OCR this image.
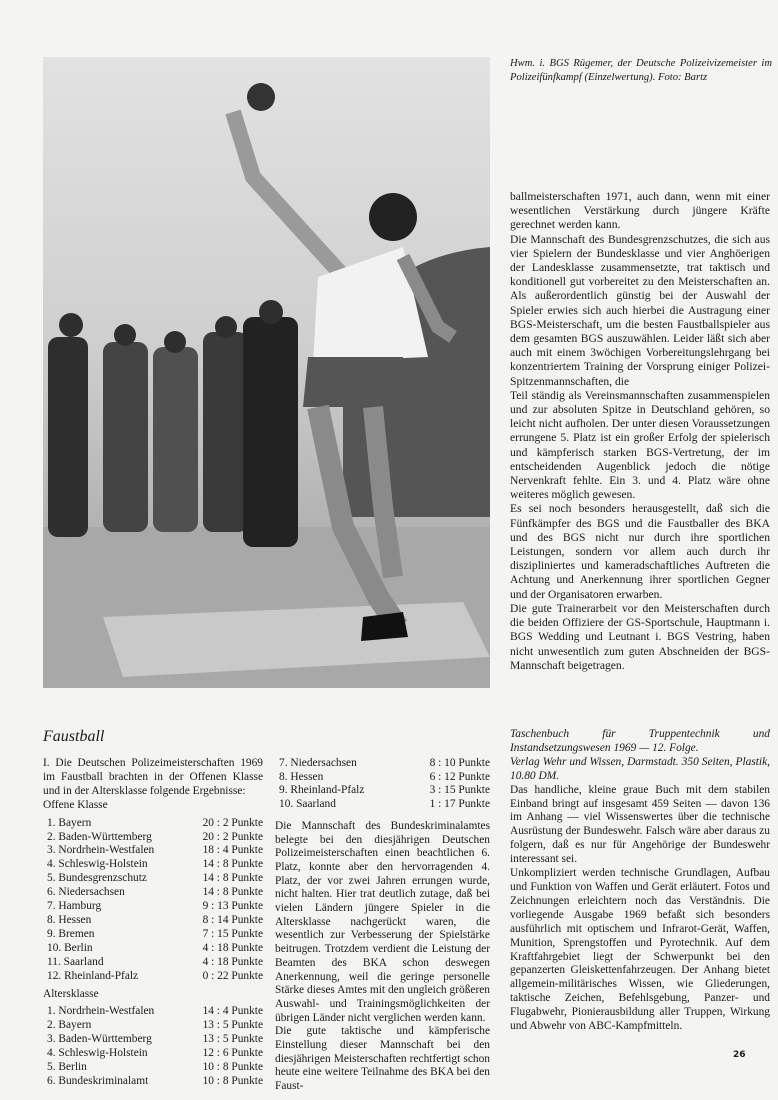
Hwm. i. BGS Rügemer, der Deutsche Polizeivizemeister im Polizeifünfkampf (Einzelwertung). Foto: Bartz

ballmeisterschaften 1971, auch dann, wenn mit einer wesentlichen Verstärkung durch jüngere Kräfte gerechnet werden kann.

Die Mannschaft des Bundesgrenzschutzes, die sich aus vier Spielern der Bundesklasse und vier Anghöerigen der Landesklasse zusammensetzte, trat taktisch und konditionell gut vorbereitet zu den Meisterschaften an. Als außerordentlich günstig bei der Auswahl der Spieler erwies sich auch hierbei die Austragung einer BGS-Meisterschaft, um die besten Faustballspieler aus dem gesamten BGS auszuwählen. Leider läßt sich aber auch mit einem 3wöchigen Vorbereitungslehrgang bei konzentriertem Training der Vorsprung einiger Polizei-Spitzenmannschaften, die

Teil ständig als Vereinsmannschaften zusammenspielen und zur absoluten Spitze in Deutschland gehören, so leicht nicht aufholen. Der unter diesen Voraussetzungen errungene 5. Platz ist ein großer Erfolg der spielerisch und kämpferisch starken BGS-Vertretung, der im entscheidenden Augenblick jedoch die nötige Nervenkraft fehlte. Ein 3. und 4. Platz wäre ohne weiteres möglich gewesen.

Es sei noch besonders herausgestellt, daß sich die Fünfkämpfer des BGS und die Faustballer des BKA und des BGS nicht nur durch ihre sportlichen Leistungen, sondern vor allem auch durch ihr diszipliniertes und kameradschaftliches Auftreten die Achtung und Anerkennung ihrer sportlichen Gegner und der Organisatoren erwarben.

Die gute Trainerarbeit vor den Meisterschaften durch die beiden Offiziere der GS-Sportschule, Hauptmann i. BGS Wedding und Leutnant i. BGS Vestring, haben nicht unwesentlich zum guten Abschneiden der BGS-Mannschaft beigetragen.

Faustball

I. Die Deutschen Polizeimeisterschaften 1969 im Faustball brachten in der Offenen Klasse und in der Altersklasse folgende Ergebnisse:

Offene Klasse
1. Bayern	20 : 2 Punkte
2. Baden-Württemberg	20 : 2 Punkte
3. Nordrhein-Westfalen	18 : 4 Punkte
4. Schleswig-Holstein	14 : 8 Punkte
5. Bundesgrenzschutz	14 : 8 Punkte
6. Niedersachsen	14 : 8 Punkte
7. Hamburg	9 : 13 Punkte
8. Hessen	8 : 14 Punkte
9. Bremen	7 : 15 Punkte
10. Berlin	4 : 18 Punkte
11. Saarland	4 : 18 Punkte
12. Rheinland-Pfalz	0 : 22 Punkte
Altersklasse
1. Nordrhein-Westfalen	14 : 4 Punkte
2. Bayern	13 : 5 Punkte
3. Baden-Württemberg	13 : 5 Punkte
4. Schleswig-Holstein	12 : 6 Punkte
5. Berlin	10 : 8 Punkte
6. Bundeskriminalamt	10 : 8 Punkte
7. Niedersachsen	8 : 10 Punkte
8. Hessen	6 : 12 Punkte
9. Rheinland-Pfalz	3 : 15 Punkte
10. Saarland	1 : 17 Punkte

Die Mannschaft des Bundeskriminalamtes belegte bei den diesjährigen Deutschen Polizeimeisterschaften einen beachtlichen 6. Platz, konnte aber den hervorragenden 4. Platz, der vor zwei Jahren errungen wurde, nicht halten. Hier trat deutlich zutage, daß bei vielen Ländern jüngere Spieler in die Altersklasse nachgerückt waren, die wesentlich zur Verbesserung der Spielstärke beitrugen. Trotzdem verdient die Leistung der Beamten des BKA schon deswegen Anerkennung, weil die geringe personelle Stärke dieses Amtes mit den ungleich größeren Auswahl- und Trainingsmöglichkeiten der übrigen Länder nicht verglichen werden kann.

Die gute taktische und kämpferische Einstellung dieser Mannschaft bei den diesjährigen Meisterschaften rechtfertigt schon heute eine weitere Teilnahme des BKA bei den Faust-

Taschenbuch für Truppentechnik und Instandsetzungswesen 1969 — 12. Folge.

Verlag Wehr und Wissen, Darmstadt. 350 Seiten, Plastik, 10.80 DM.

Das handliche, kleine graue Buch mit dem stabilen Einband bringt auf insgesamt 459 Seiten — davon 136 im Anhang — viel Wissenswertes über die technische Ausrüstung der Bundeswehr. Falsch wäre aber daraus zu folgern, daß es nur für Angehörige der Bundeswehr interessant sei.

Unkompliziert werden technische Grundlagen, Aufbau und Funktion von Waffen und Gerät erläutert. Fotos und Zeichnungen erleichtern noch das Verständnis. Die vorliegende Ausgabe 1969 befaßt sich besonders ausführlich mit optischem und Infrarot-Gerät, Waffen, Munition, Sprengstoffen und Pyrotechnik. Auf dem Kraftfahrgebiet liegt der Schwerpunkt bei den gepanzerten Gleiskettenfahrzeugen. Der Anhang bietet allgemein-militärisches Wissen, wie Gliederungen, taktische Zeichen, Befehlsgebung, Panzer- und Flugabwehr, Pionierausbildung aller Truppen, Wirkung und Abwehr von ABC-Kampfmitteln.

26
